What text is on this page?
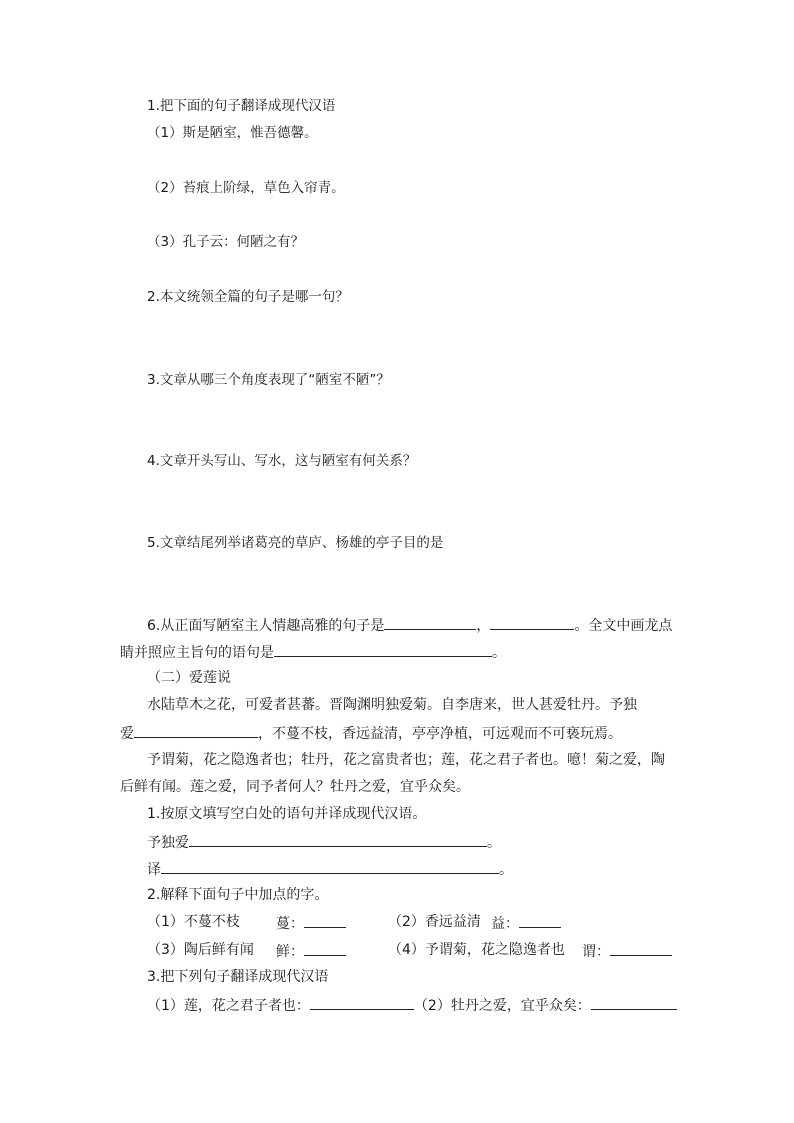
1.把下面的句子翻译成现代汉语
（1）斯是陋室，惟吾德馨。
（2）苔痕上阶绿，草色入帘青。
（3）孔子云：何陋之有？
2.本文统领全篇的句子是哪一句？
3.文章从哪三个角度表现了“陋室不陋”？
4.文章开头写山、写水，这与陋室有何关系？
5.文章结尾列举诸葛亮的草庐、杨雄的亭子目的是
6.从正面写陋室主人情趣高雅的句子是	，	。全文中画龙点
睛并照应主旨句的语句是	。
（二）爱莲说
水陆草木之花，可爱者甚蕃。晋陶渊明独爱菊。自李唐来，世人甚爱牡丹。予独
爱	，不蔓不枝，香远益清，亭亭净植，可远观而不可亵玩焉。
予谓菊，花之隐逸者也；牡丹，花之富贵者也；莲，花之君子者也。噫！菊之爱，陶
后鲜有闻。莲之爱，同予者何人？牡丹之爱，宜乎众矣。
1.按原文填写空白处的语句并译成现代汉语。
予独爱	。
译	。
2.解释下面句子中加点的字。
（1）不蔓不枝	蔓：	（2）香远益清 益：
（3）陶后鲜有闻 鲜：	（4）予谓菊，花之隐逸者也 谓：
3.把下列句子翻译成现代汉语
（1）莲，花之君子者也：	（2）牡丹之爱，宜乎众矣：
